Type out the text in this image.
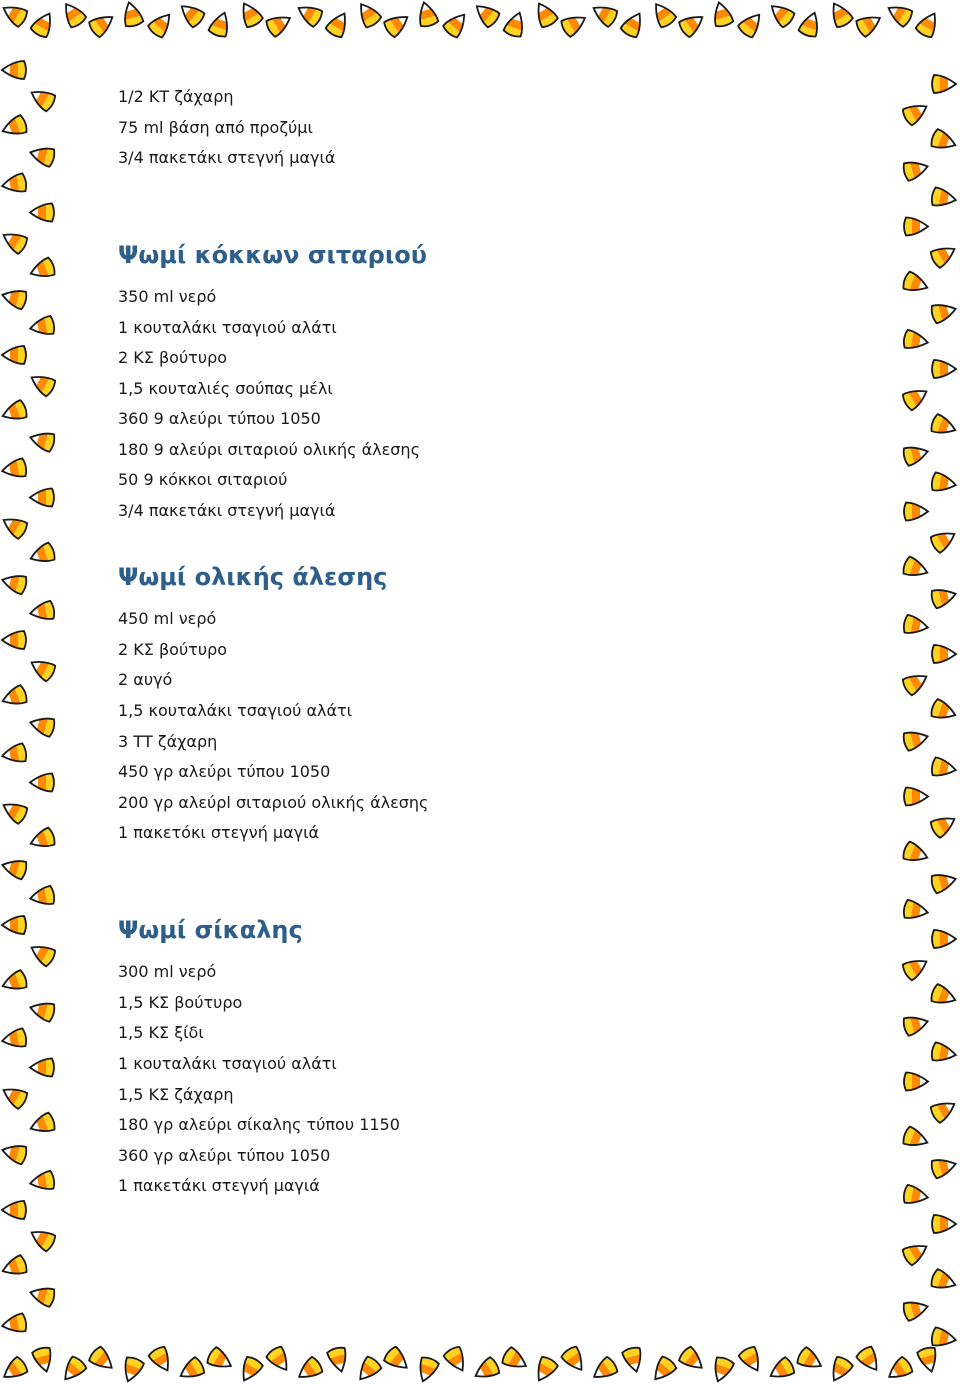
1/2 ΚΤ ζάχαρη
75 ml βάση από προζύμι
3/4 πακετάκι στεγνή μαγιά
Ψωμί κόκκων σιταριού
350 ml νερό
1 κουταλάκι τσαγιού αλάτι
2 ΚΣ βούτυρο
1,5 κουταλιές σούπας μέλι
360 9 αλεύρι τύπου 1050
180 9 αλεύρι σιταριού ολικής άλεσης
50 9 κόκκοι σιταριού
3/4 πακετάκι στεγνή μαγιά
Ψωμί ολικής άλεσης
450 ml νερό
2 ΚΣ βούτυρο
2 αυγό
1,5 κουταλάκι τσαγιού αλάτι
3 ΤΤ ζάχαρη
450 γρ αλεύρι τύπου 1050
200 γρ αλεύρl σιταριού ολικής άλεσης
1 πακετόκι στεγνή μαγιά
Ψωμί σίκαλης
300 ml νερό
1,5 ΚΣ βούτυρο
1,5 ΚΣ ξίδι
1 κουταλάκι τσαγιού αλάτι
1,5 ΚΣ ζάχαρη
180 γρ αλεύρι σίκαλης τύπου 1150
360 γρ αλεύρι τύπου 1050
1 πακετάκι στεγνή μαγιά
